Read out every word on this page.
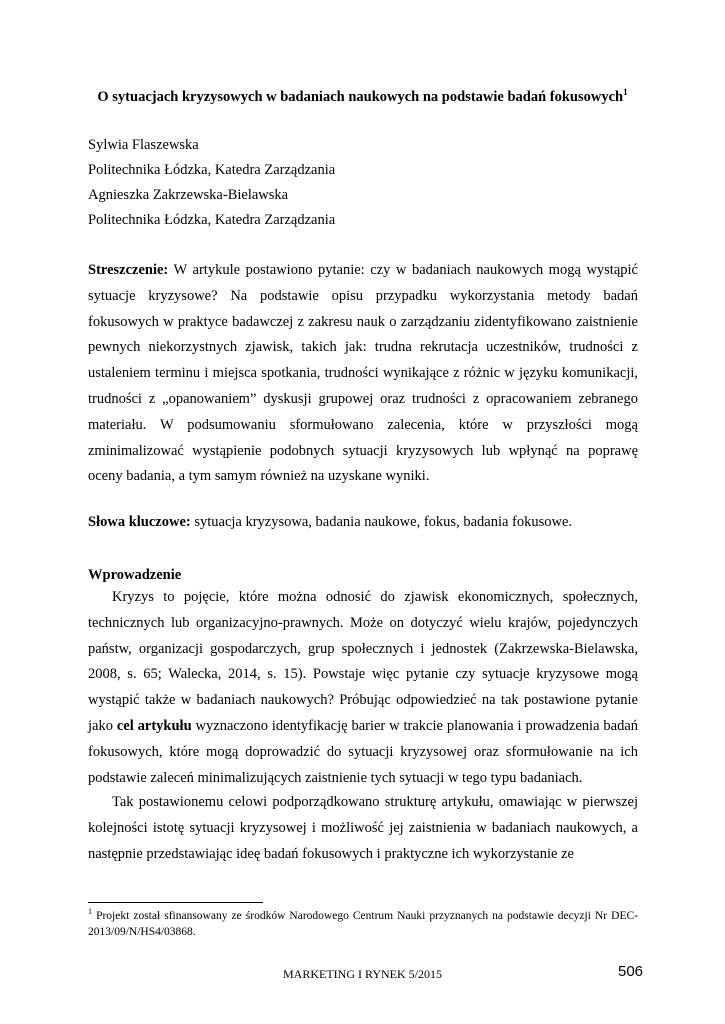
O sytuacjach kryzysowych w badaniach naukowych na podstawie badań fokusowych$^1$
Sylwia Flaszewska
Politechnika Łódzka, Katedra Zarządzania
Agnieszka Zakrzewska-Bielawska
Politechnika Łódzka, Katedra Zarządzania
Streszczenie: W artykule postawiono pytanie: czy w badaniach naukowych mogą wystąpić sytuacje kryzysowe? Na podstawie opisu przypadku wykorzystania metody badań fokusowych w praktyce badawczej z zakresu nauk o zarządzaniu zidentyfikowano zaistnienie pewnych niekorzystnych zjawisk, takich jak: trudna rekrutacja uczestników, trudności z ustaleniem terminu i miejsca spotkania, trudności wynikające z różnic w języku komunikacji, trudności z „opanowaniem” dyskusji grupowej oraz trudności z opracowaniem zebranego materiału. W podsumowaniu sformułowano zalecenia, które w przyszłości mogą zminimalizować wystąpienie podobnych sytuacji kryzysowych lub wpłynąć na poprawę oceny badania, a tym samym również na uzyskane wyniki.
Słowa kluczowe: sytuacja kryzysowa, badania naukowe, fokus, badania fokusowe.
Wprowadzenie
Kryzys to pojęcie, które można odnosić do zjawisk ekonomicznych, społecznych, technicznych lub organizacyjno-prawnych. Może on dotyczyć wielu krajów, pojedynczych państw, organizacji gospodarczych, grup społecznych i jednostek (Zakrzewska-Bielawska, 2008, s. 65; Walecka, 2014, s. 15). Powstaje więc pytanie czy sytuacje kryzysowe mogą wystąpić także w badaniach naukowych? Próbując odpowiedzieć na tak postawione pytanie jako cel artykułu wyznaczono identyfikację barier w trakcie planowania i prowadzenia badań fokusowych, które mogą doprowadzić do sytuacji kryzysowej oraz sformułowanie na ich podstawie zaleceń minimalizujących zaistnienie tych sytuacji w tego typu badaniach.
Tak postawionemu celowi podporządkowano strukturę artykułu, omawiając w pierwszej kolejności istotę sytuacji kryzysowej i możliwość jej zaistnienia w badaniach naukowych, a następnie przedstawiając ideę badań fokusowych i praktyczne ich wykorzystanie ze
$^1$ Projekt został sfinansowany ze środków Narodowego Centrum Nauki przyznanych na podstawie decyzji Nr DEC-2013/09/N/HS4/03868.
MARKETING I RYNEK 5/2015	506
